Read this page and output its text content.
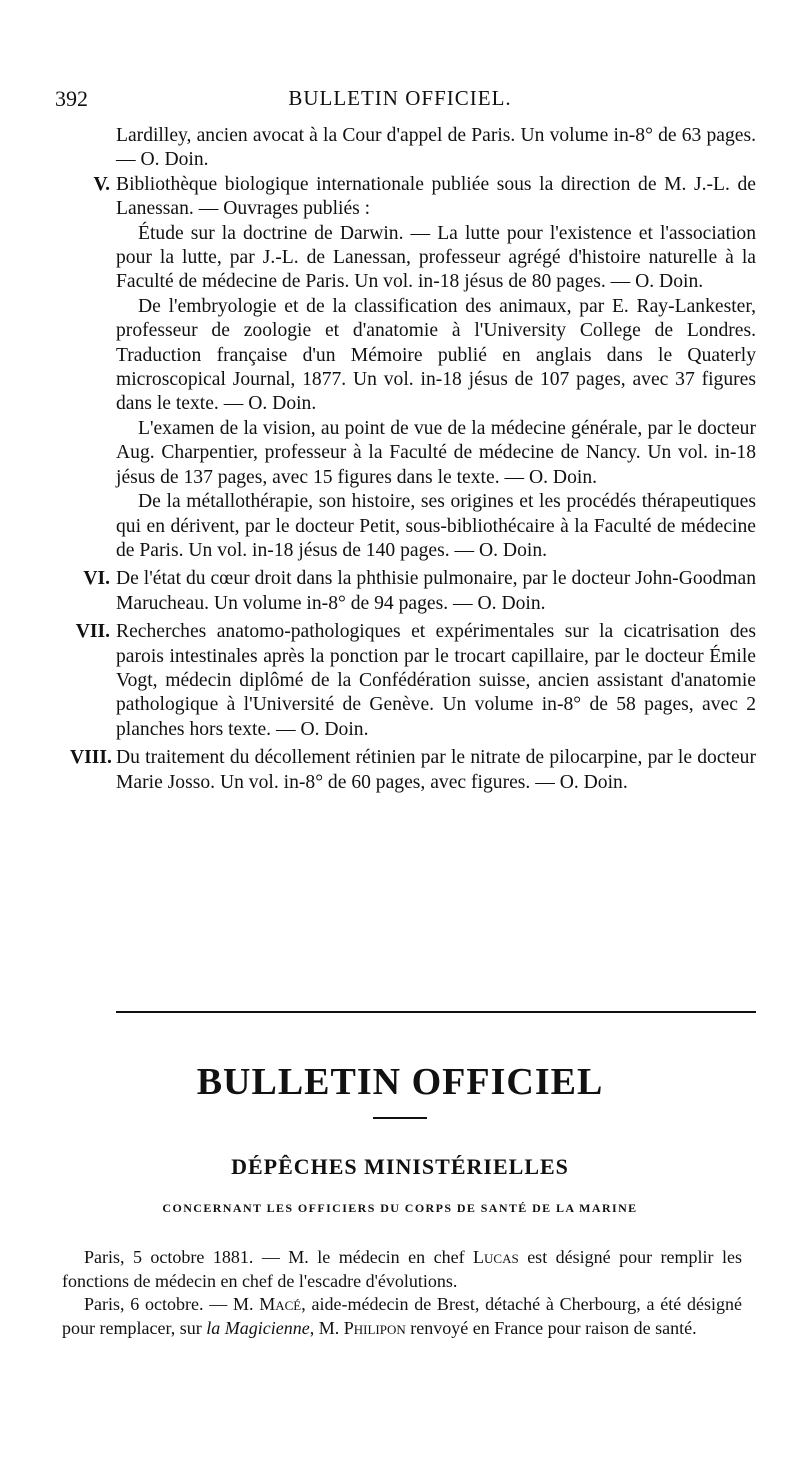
392	BULLETIN OFFICIEL.

Lardilley, ancien avocat à la Cour d'appel de Paris. Un volume in-8° de 63 pages. — O. Doin.

V. Bibliothèque biologique internationale publiée sous la direction de M. J.-L. de Lanessan. — Ouvrages publiés :

Étude sur la doctrine de Darwin. — La lutte pour l'existence et l'association pour la lutte, par J.-L. de Lanessan, professeur agrégé d'histoire naturelle à la Faculté de médecine de Paris. Un vol. in-18 jésus de 80 pages. — O. Doin.

De l'embryologie et de la classification des animaux, par E. Ray-Lankester, professeur de zoologie et d'anatomie à l'University College de Londres. Traduction française d'un Mémoire publié en anglais dans le Quaterly microscopical Journal, 1877. Un vol. in-18 jésus de 107 pages, avec 37 figures dans le texte. — O. Doin.

L'examen de la vision, au point de vue de la médecine générale, par le docteur Aug. Charpentier, professeur à la Faculté de médecine de Nancy. Un vol. in-18 jésus de 137 pages, avec 15 figures dans le texte. — O. Doin.

De la métallothérapie, son histoire, ses origines et les procédés thérapeutiques qui en dérivent, par le docteur Petit, sous-bibliothécaire à la Faculté de médecine de Paris. Un vol. in-18 jésus de 140 pages. — O. Doin.

VI. De l'état du cœur droit dans la phthisie pulmonaire, par le docteur John-Goodman Marucheau. Un volume in-8° de 94 pages. — O. Doin.

VII. Recherches anatomo-pathologiques et expérimentales sur la cicatrisation des parois intestinales après la ponction par le trocart capillaire, par le docteur Émile Vogt, médecin diplômé de la Confédération suisse, ancien assistant d'anatomie pathologique à l'Université de Genève. Un volume in-8° de 58 pages, avec 2 planches hors texte. — O. Doin.

VIII. Du traitement du décollement rétinien par le nitrate de pilocarpine, par le docteur Marie Josso. Un vol. in-8° de 60 pages, avec figures. — O. Doin.

BULLETIN OFFICIEL
DÉPÊCHES MINISTÉRIELLES
CONCERNANT LES OFFICIERS DU CORPS DE SANTÉ DE LA MARINE

Paris, 5 octobre 1881. — M. le médecin en chef Lucas est désigné pour remplir les fonctions de médecin en chef de l'escadre d'évolutions.

Paris, 6 octobre. — M. Macé, aide-médecin de Brest, détaché à Cherbourg, a été désigné pour remplacer, sur la Magicienne, M. Philipon renvoyé en France pour raison de santé.
